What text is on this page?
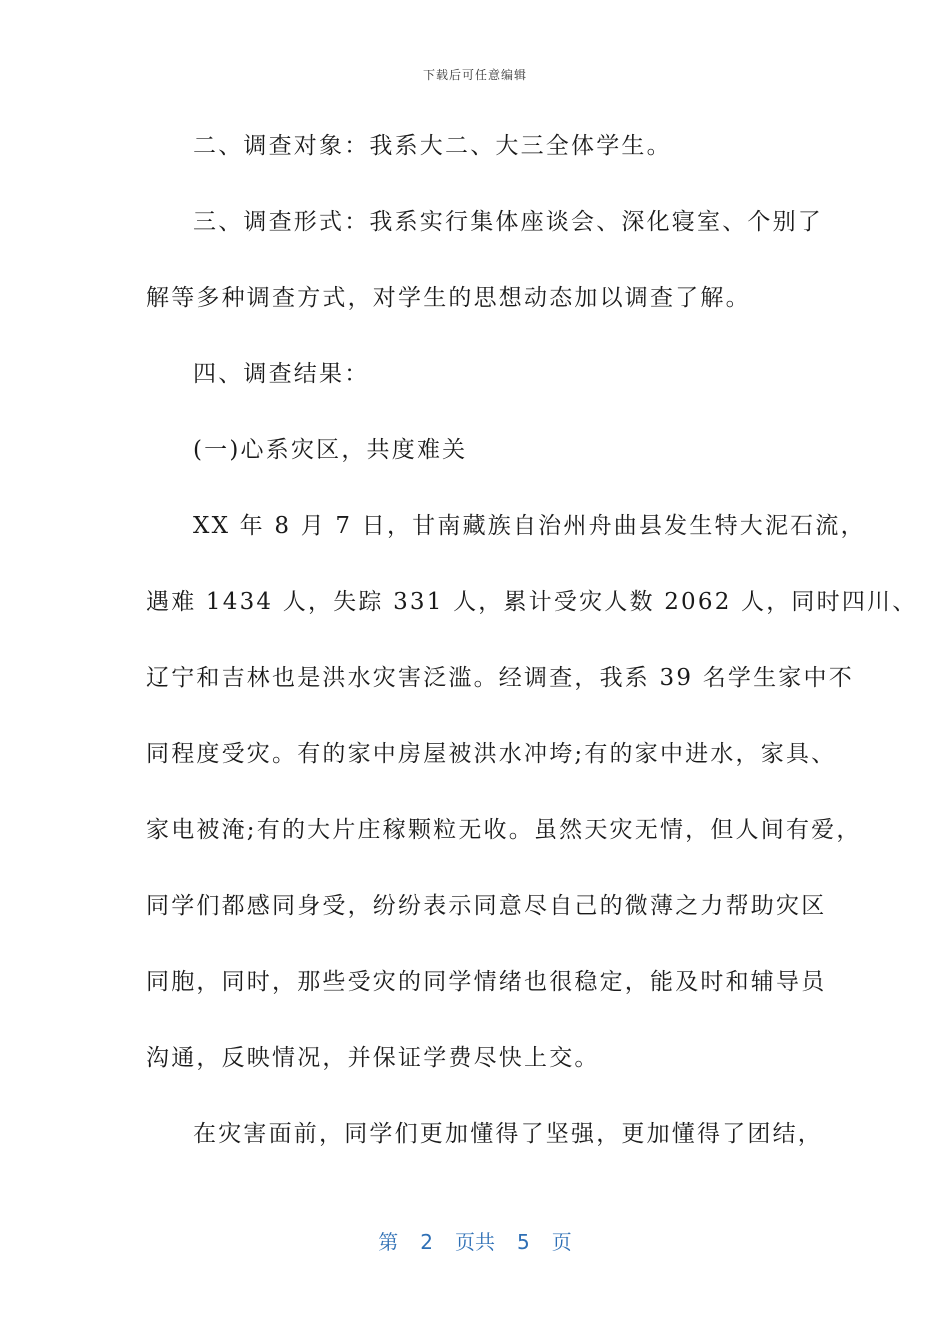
下载后可任意编辑
二、调查对象：我系大二、大三全体学生。
三、调查形式：我系实行集体座谈会、深化寝室、个别了
解等多种调查方式，对学生的思想动态加以调查了解。
四、调查结果：
(一)心系灾区，共度难关
XX 年 8 月 7 日，甘南藏族自治州舟曲县发生特大泥石流，
遇难 1434 人，失踪 331 人，累计受灾人数 2062 人，同时四川、
辽宁和吉林也是洪水灾害泛滥。经调查，我系 39 名学生家中不
同程度受灾。有的家中房屋被洪水冲垮;有的家中进水，家具、
家电被淹;有的大片庄稼颗粒无收。虽然天灾无情，但人间有爱，
同学们都感同身受，纷纷表示同意尽自己的微薄之力帮助灾区
同胞，同时，那些受灾的同学情绪也很稳定，能及时和辅导员
沟通，反映情况，并保证学费尽快上交。
在灾害面前，同学们更加懂得了坚强，更加懂得了团结，
第 2 页共 5 页
